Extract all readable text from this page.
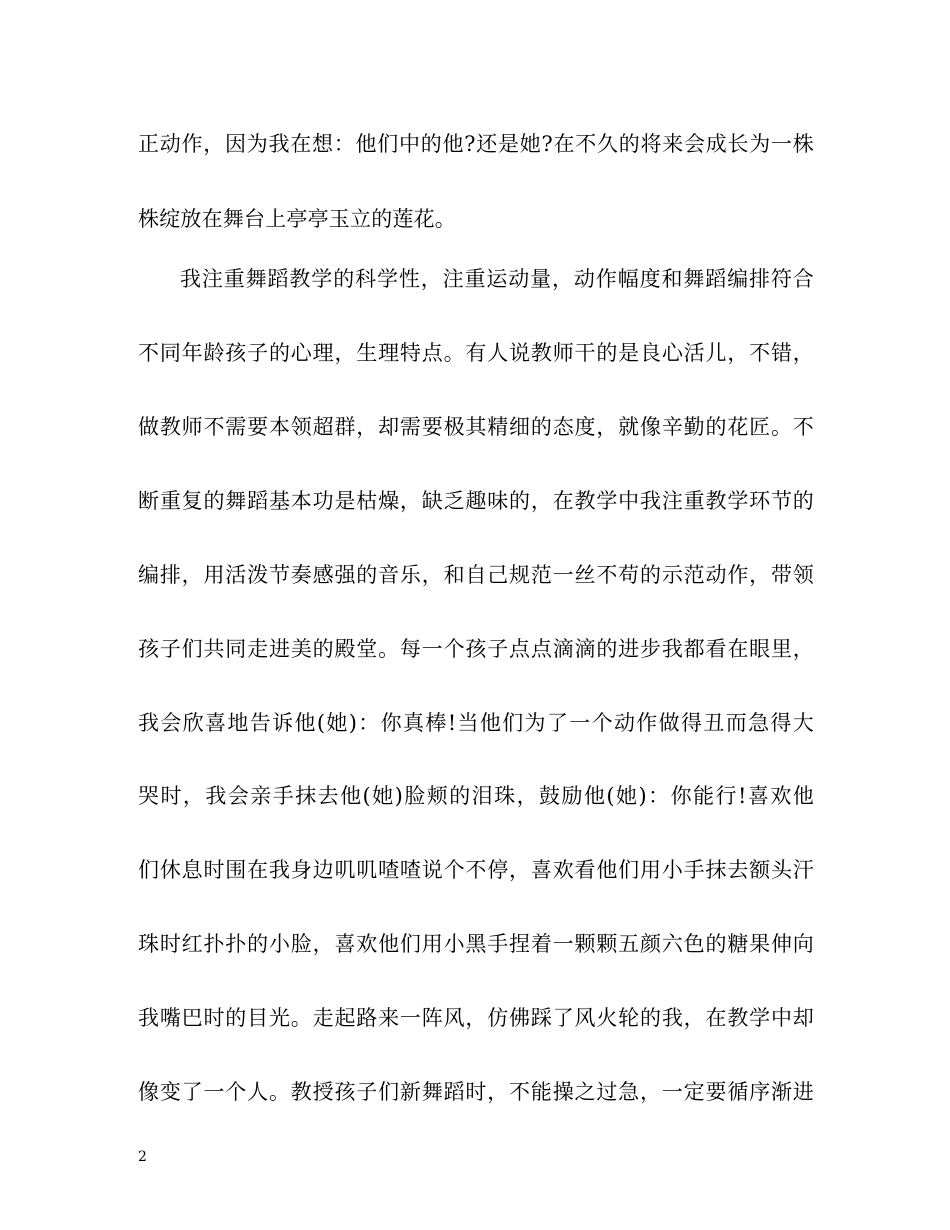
正动作，因为我在想：他们中的他?还是她?在不久的将来会成长为一株
株绽放在舞台上亭亭玉立的莲花。
我注重舞蹈教学的科学性，注重运动量，动作幅度和舞蹈编排符合
不同年龄孩子的心理，生理特点。有人说教师干的是良心活儿，不错，
做教师不需要本领超群，却需要极其精细的态度，就像辛勤的花匠。不
断重复的舞蹈基本功是枯燥，缺乏趣味的，在教学中我注重教学环节的
编排，用活泼节奏感强的音乐，和自己规范一丝不苟的示范动作，带领
孩子们共同走进美的殿堂。每一个孩子点点滴滴的进步我都看在眼里，
我会欣喜地告诉他(她)：你真棒!当他们为了一个动作做得丑而急得大
哭时，我会亲手抹去他(她)脸颊的泪珠，鼓励他(她)：你能行!喜欢他
们休息时围在我身边叽叽喳喳说个不停，喜欢看他们用小手抹去额头汗
珠时红扑扑的小脸，喜欢他们用小黑手捏着一颗颗五颜六色的糖果伸向
我嘴巴时的目光。走起路来一阵风，仿佛踩了风火轮的我，在教学中却
像变了一个人。教授孩子们新舞蹈时，不能操之过急，一定要循序渐进
2
